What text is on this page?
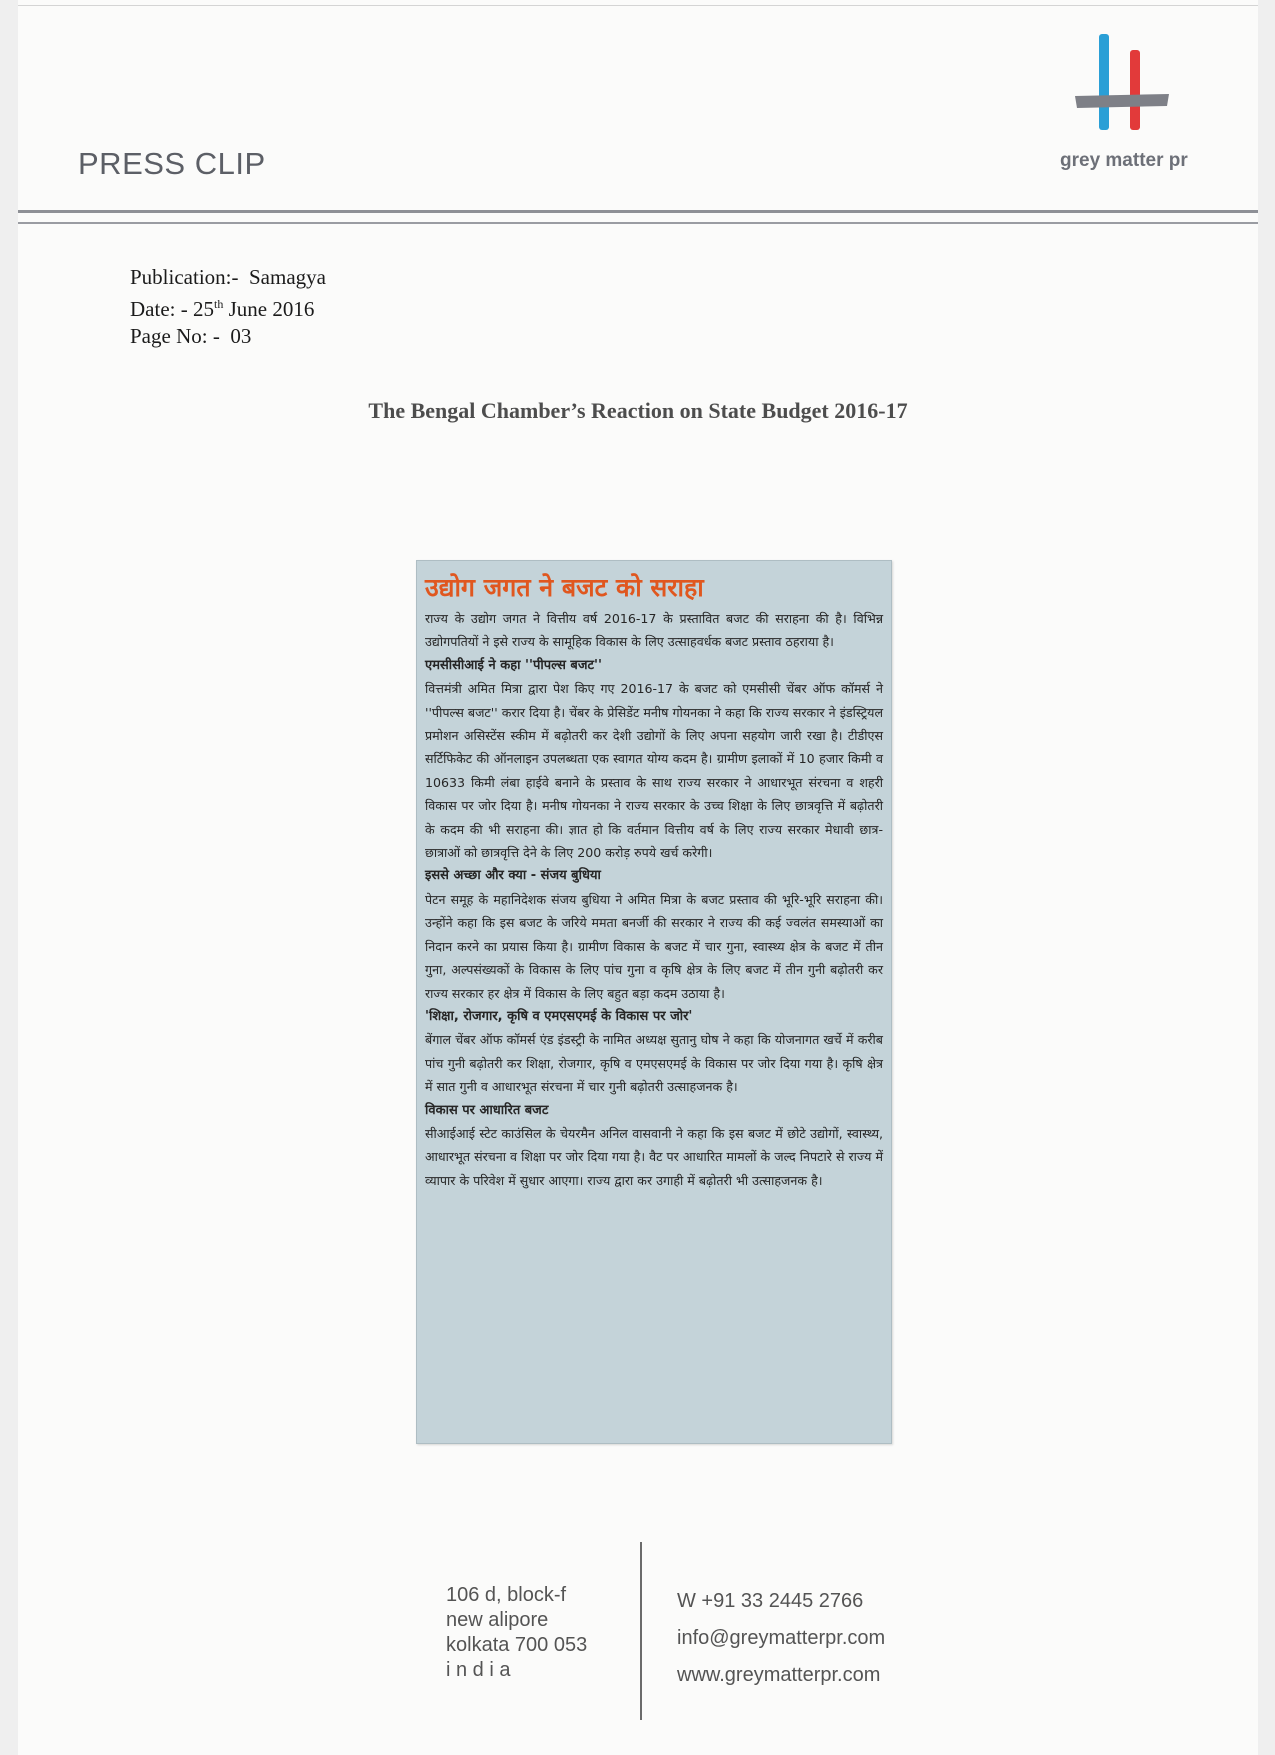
PRESS CLIP	grey matter pr
Publication:- Samagya
Date: - 25th June 2016
Page No: - 03
The Bengal Chamber’s Reaction on State Budget 2016-17
उद्योग जगत ने बजट को सराहा

राज्य के उद्योग जगत ने वित्तीय वर्ष 2016-17 के प्रस्तावित बजट की सराहना की है। विभिन्न उद्योगपतियों ने इसे राज्य के सामूहिक विकास के लिए उत्साहवर्धक बजट प्रस्ताव ठहराया है।

एमसीसीआई ने कहा ''पीपल्स बजट''

वित्तमंत्री अमित मित्रा द्वारा पेश किए गए 2016-17 के बजट को एमसीसी चेंबर ऑफ कॉमर्स ने ''पीपल्स बजट'' करार दिया है। चेंबर के प्रेसिडेंट मनीष गोयनका ने कहा कि राज्य सरकार ने इंडस्ट्रियल प्रमोशन असिस्टेंस स्कीम में बढ़ोतरी कर देशी उद्योगों के लिए अपना सहयोग जारी रखा है। टीडीएस सर्टिफिकेट की ऑनलाइन उपलब्धता एक स्वागत योग्य कदम है। ग्रामीण इलाकों में 10 हजार किमी व 10633 किमी लंबा हाईवे बनाने के प्रस्ताव के साथ राज्य सरकार ने आधारभूत संरचना व शहरी विकास पर जोर दिया है। मनीष गोयनका ने राज्य सरकार के उच्च शिक्षा के लिए छात्रवृत्ति में बढ़ोतरी के कदम की भी सराहना की। ज्ञात हो कि वर्तमान वित्तीय वर्ष के लिए राज्य सरकार मेधावी छात्र-छात्राओं को छात्रवृत्ति देने के लिए 200 करोड़ रुपये खर्च करेगी।

इससे अच्छा और क्या - संजय बुधिया

पेटन समूह के महानिदेशक संजय बुधिया ने अमित मित्रा के बजट प्रस्ताव की भूरि-भूरि सराहना की। उन्होंने कहा कि इस बजट के जरिये ममता बनर्जी की सरकार ने राज्य की कई ज्वलंत समस्याओं का निदान करने का प्रयास किया है। ग्रामीण विकास के बजट में चार गुना, स्वास्थ्य क्षेत्र के बजट में तीन गुना, अल्पसंख्यकों के विकास के लिए पांच गुना व कृषि क्षेत्र के लिए बजट में तीन गुनी बढ़ोतरी कर राज्य सरकार हर क्षेत्र में विकास के लिए बहुत बड़ा कदम उठाया है।

'शिक्षा, रोजगार, कृषि व एमएसएमई के विकास पर जोर'

बेंगाल चेंबर ऑफ कॉमर्स एंड इंडस्ट्री के नामित अध्यक्ष सुतानु घोष ने कहा कि योजनागत खर्चे में करीब पांच गुनी बढ़ोतरी कर शिक्षा, रोजगार, कृषि व एमएसएमई के विकास पर जोर दिया गया है। कृषि क्षेत्र में सात गुनी व आधारभूत संरचना में चार गुनी बढ़ोतरी उत्साहजनक है।

विकास पर आधारित बजट

सीआईआई स्टेट काउंसिल के चेयरमैन अनिल वासवानी ने कहा कि इस बजट में छोटे उद्योगों, स्वास्थ्य, आधारभूत संरचना व शिक्षा पर जोर दिया गया है। वैट पर आधारित मामलों के जल्द निपटारे से राज्य में व्यापार के परिवेश में सुधार आएगा। राज्य द्वारा कर उगाही में बढ़ोतरी भी उत्साहजनक है।

106 d, block-f
new alipore
kolkata 700 053
i n d i a
W +91 33 2445 2766
info@greymatterpr.com
www.greymatterpr.com
